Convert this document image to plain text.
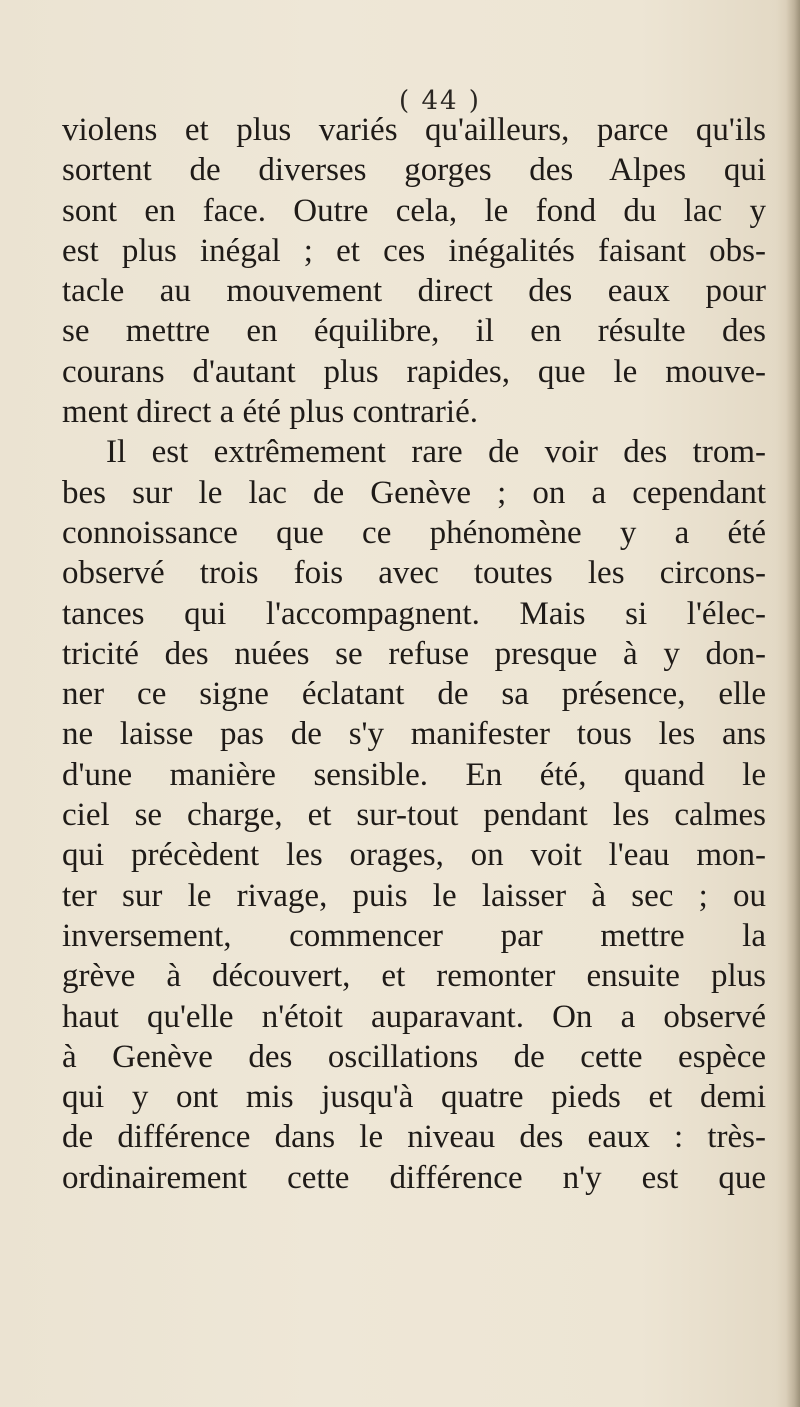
( 44 )
violens et plus variés qu'ailleurs, parce qu'ils
sortent de diverses gorges des Alpes qui
sont en face. Outre cela, le fond du lac y
est plus inégal ; et ces inégalités faisant obs-
tacle au mouvement direct des eaux pour
se mettre en équilibre, il en résulte des
courans d'autant plus rapides, que le mouve-
ment direct a été plus contrarié.
Il est extrêmement rare de voir des trom-
bes sur le lac de Genève ; on a cependant
connoissance que ce phénomène y a été
observé trois fois avec toutes les circons-
tances qui l'accompagnent. Mais si l'élec-
tricité des nuées se refuse presque à y don-
ner ce signe éclatant de sa présence, elle
ne laisse pas de s'y manifester tous les ans
d'une manière sensible. En été, quand le
ciel se charge, et sur-tout pendant les calmes
qui précèdent les orages, on voit l'eau mon-
ter sur le rivage, puis le laisser à sec ; ou
inversement, commencer par mettre la
grève à découvert, et remonter ensuite plus
haut qu'elle n'étoit auparavant. On a observé
à Genève des oscillations de cette espèce
qui y ont mis jusqu'à quatre pieds et demi
de différence dans le niveau des eaux : très-
ordinairement cette différence n'y est que
